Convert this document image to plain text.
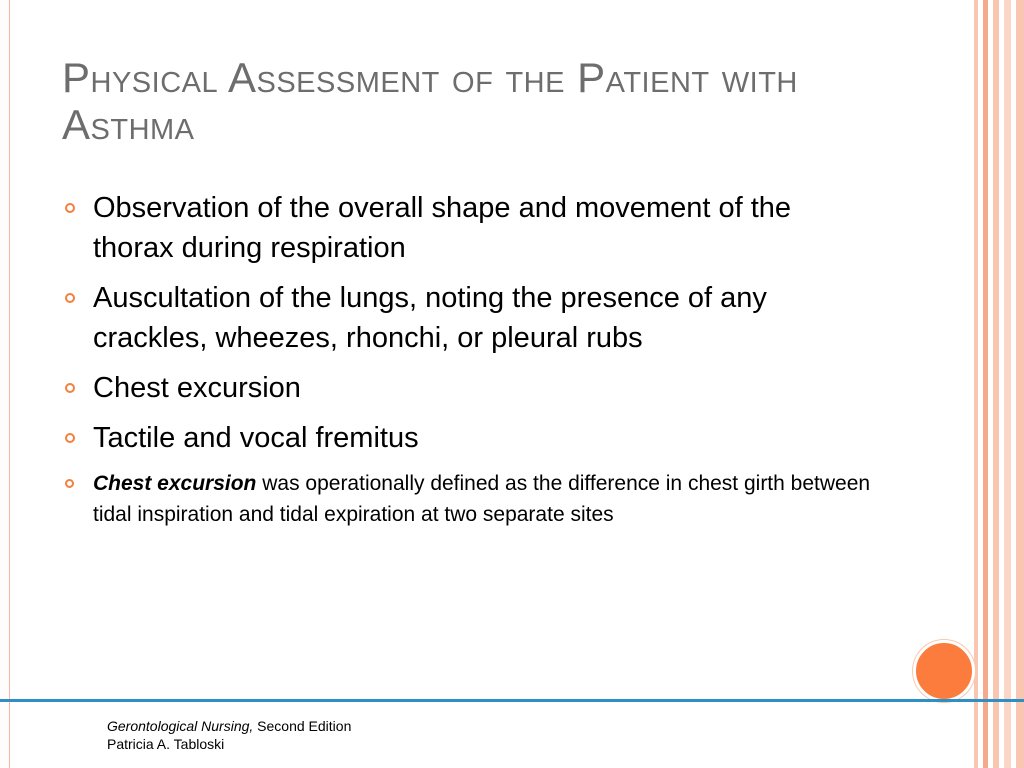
Physical Assessment of the Patient with Asthma
Observation of the overall shape and movement of the thorax during respiration
Auscultation of the lungs, noting the presence of any crackles, wheezes, rhonchi, or pleural rubs
Chest excursion
Tactile and vocal fremitus
Chest excursion was operationally defined as the difference in chest girth between tidal inspiration and tidal expiration at two separate sites
Gerontological Nursing, Second Edition
Patricia A. Tabloski
